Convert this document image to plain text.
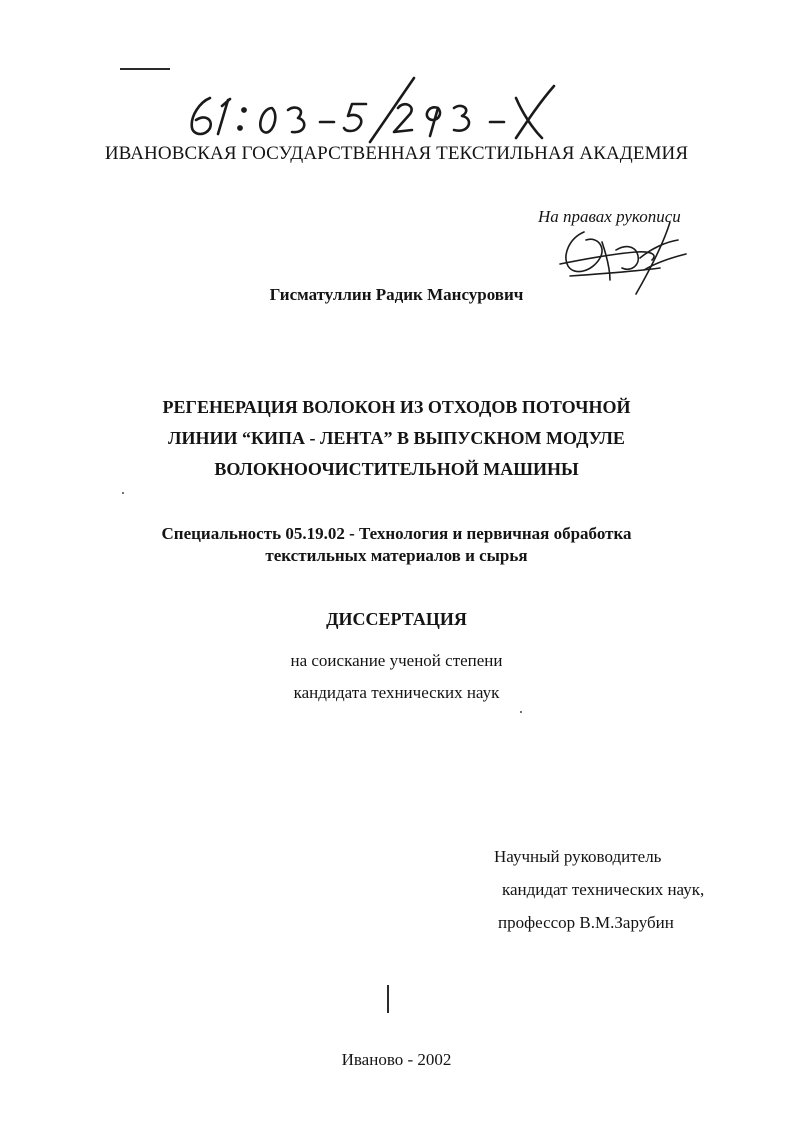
ИВАНОВСКАЯ ГОСУДАРСТВЕННАЯ ТЕКСТИЛЬНАЯ АКАДЕМИЯ
На правах рукописи
Гисматуллин Радик Мансурович
РЕГЕНЕРАЦИЯ ВОЛОКОН ИЗ ОТХОДОВ ПОТОЧНОЙ
ЛИНИИ “КИПА - ЛЕНТА” В ВЫПУСКНОМ МОДУЛЕ
ВОЛОКНООЧИСТИТЕЛЬНОЙ МАШИНЫ
Специальность 05.19.02 - Технология и первичная обработка
текстильных материалов и сырья
ДИССЕРТАЦИЯ
на соискание ученой степени
кандидата технических наук
Научный руководитель
кандидат технических наук,
профессор В.М.Зарубин
Иваново - 2002
